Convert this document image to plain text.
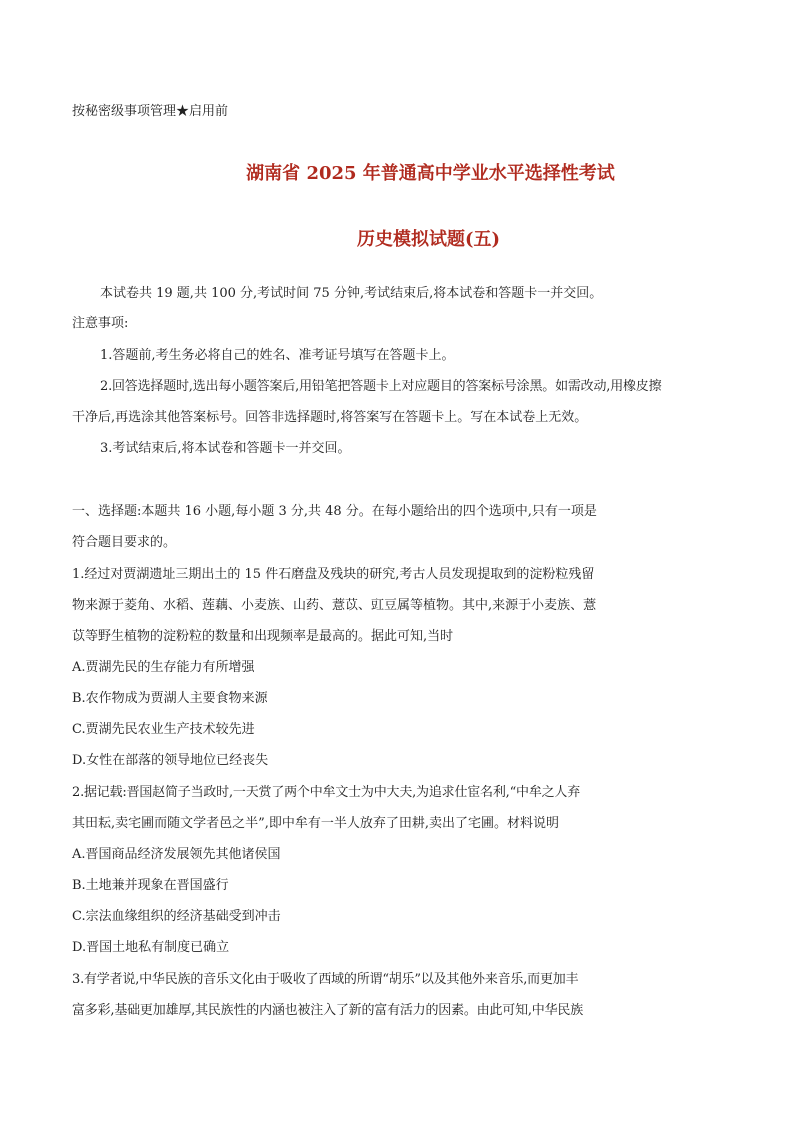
按秘密级事项管理★启用前
湖南省 2025 年普通高中学业水平选择性考试
历史模拟试题(五)
本试卷共 19 题,共 100 分,考试时间 75 分钟,考试结束后,将本试卷和答题卡一并交回。
注意事项:
1.答题前,考生务必将自己的姓名、准考证号填写在答题卡上。
2.回答选择题时,选出每小题答案后,用铅笔把答题卡上对应题目的答案标号涂黑。如需改动,用橡皮擦
干净后,再选涂其他答案标号。回答非选择题时,将答案写在答题卡上。写在本试卷上无效。
3.考试结束后,将本试卷和答题卡一并交回。
一、选择题:本题共 16 小题,每小题 3 分,共 48 分。在每小题给出的四个选项中,只有一项是
符合题目要求的。
1.经过对贾湖遗址三期出土的 15 件石磨盘及残块的研究,考古人员发现提取到的淀粉粒残留
物来源于菱角、水稻、莲藕、小麦族、山药、薏苡、豇豆属等植物。其中,来源于小麦族、薏
苡等野生植物的淀粉粒的数量和出现频率是最高的。据此可知,当时
A.贾湖先民的生存能力有所增强
B.农作物成为贾湖人主要食物来源
C.贾湖先民农业生产技术较先进
D.女性在部落的领导地位已经丧失
2.据记载:晋国赵简子当政时,一天赏了两个中牟文士为中大夫,为追求仕宦名利,“中牟之人弃
其田耘,卖宅圃而随文学者邑之半”,即中牟有一半人放弃了田耕,卖出了宅圃。材料说明
A.晋国商品经济发展领先其他诸侯国
B.土地兼并现象在晋国盛行
C.宗法血缘组织的经济基础受到冲击
D.晋国土地私有制度已确立
3.有学者说,中华民族的音乐文化由于吸收了西域的所谓“胡乐”以及其他外来音乐,而更加丰
富多彩,基础更加雄厚,其民族性的内涵也被注入了新的富有活力的因素。由此可知,中华民族
